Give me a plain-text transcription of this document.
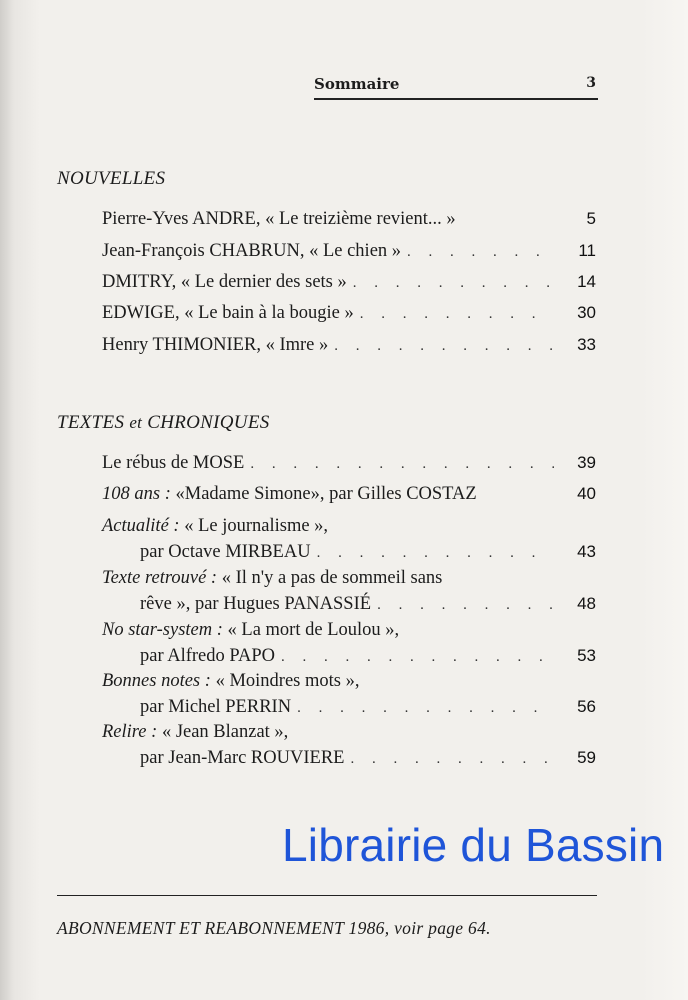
Sommaire	3
NOUVELLES
Pierre-Yves ANDRE, « Le treizième revient... »	5
Jean-François CHABRUN, « Le chien » . . .	11
DMITRY, « Le dernier des sets » . . .	14
EDWIGE, « Le bain à la bougie » . . .	30
Henry THIMONIER, « Imre » . . .	33
TEXTES et CHRONIQUES
Le rébus de MOSE . . .	39
108 ans :
«Madame Simone», par Gilles COSTAZ	40
Actualité :
« Le journalisme »,
par Octave MIRBEAU . . .	43
Texte retrouvé :
« Il n'y a pas de sommeil sans
rêve », par Hugues PANASSIÉ . . .	48
No star-system :
« La mort de Loulou »,
par Alfredo PAPO . . .	53
Bonnes notes :
« Moindres mots »,
par Michel PERRIN . . .	56
Relire :
« Jean Blanzat »,
par Jean-Marc ROUVIERE . . .	59
Librairie du Bassin
ABONNEMENT ET REABONNEMENT 1986, voir page 64.
